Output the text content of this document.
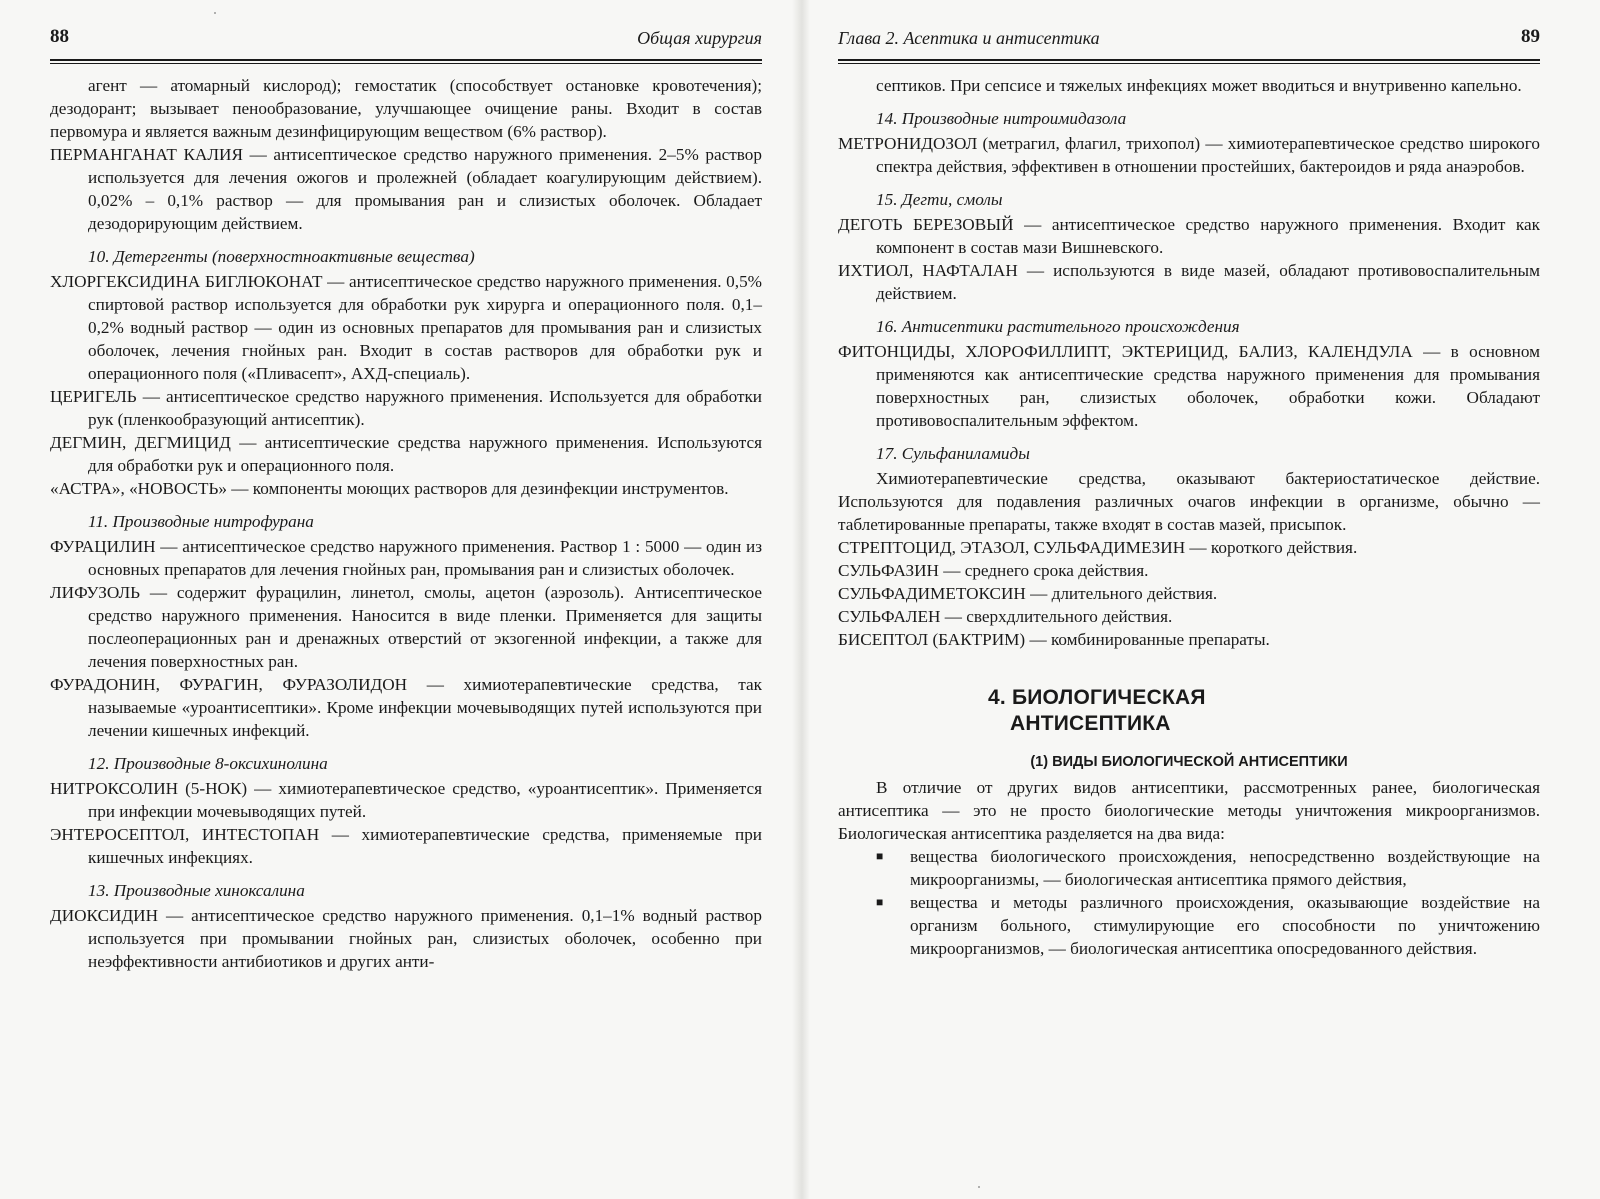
88	Общая хирургия

агент — атомарный кислород); гемостатик (способствует остановке кровотечения); дезодорант; вызывает пенообразование, улучшающее очищение раны. Входит в состав первомура и является важным дезинфицирующим веществом (6% раствор).

ПЕРМАНГАНАТ КАЛИЯ — антисептическое средство наружного применения. 2–5% раствор используется для лечения ожогов и пролежней (обладает коагулирующим действием). 0,02% – 0,1% раствор — для промывания ран и слизистых оболочек. Обладает дезодорирующим действием.

10. Детергенты (поверхностноактивные вещества)

ХЛОРГЕКСИДИНА БИГЛЮКОНАТ — антисептическое средство наружного применения. 0,5% спиртовой раствор используется для обработки рук хирурга и операционного поля. 0,1–0,2% водный раствор — один из основных препаратов для промывания ран и слизистых оболочек, лечения гнойных ран. Входит в состав растворов для обработки рук и операционного поля («Пливасепт», АХД-специаль).

ЦЕРИГЕЛЬ — антисептическое средство наружного применения. Используется для обработки рук (пленкообразующий антисептик).

ДЕГМИН, ДЕГМИЦИД — антисептические средства наружного применения. Используются для обработки рук и операционного поля.

«АСТРА», «НОВОСТЬ» — компоненты моющих растворов для дезинфекции инструментов.

11. Производные нитрофурана

ФУРАЦИЛИН — антисептическое средство наружного применения. Раствор 1 : 5000 — один из основных препаратов для лечения гнойных ран, промывания ран и слизистых оболочек.

ЛИФУЗОЛЬ — содержит фурацилин, линетол, смолы, ацетон (аэрозоль). Антисептическое средство наружного применения. Наносится в виде пленки. Применяется для защиты послеоперационных ран и дренажных отверстий от экзогенной инфекции, а также для лечения поверхностных ран.

ФУРАДОНИН, ФУРАГИН, ФУРАЗОЛИДОН — химиотерапевтические средства, так называемые «уроантисептики». Кроме инфекции мочевыводящих путей используются при лечении кишечных инфекций.

12. Производные 8-оксихинолина

НИТРОКСОЛИН (5-НОК) — химиотерапевтическое средство, «уроантисептик». Применяется при инфекции мочевыводящих путей.

ЭНТЕРОСЕПТОЛ, ИНТЕСТОПАН — химиотерапевтические средства, применяемые при кишечных инфекциях.

13. Производные хиноксалина

ДИОКСИДИН — антисептическое средство наружного применения. 0,1–1% водный раствор используется при промывании гнойных ран, слизистых оболочек, особенно при неэффективности антибиотиков и других анти-

Глава 2. Асептика и антисептика	89

септиков. При сепсисе и тяжелых инфекциях может вводиться и внутривенно капельно.

14. Производные нитроимидазола

МЕТРОНИДОЗОЛ (метрагил, флагил, трихопол) — химиотерапевтическое средство широкого спектра действия, эффективен в отношении простейших, бактероидов и ряда анаэробов.

15. Дегти, смолы

ДЕГОТЬ БЕРЕЗОВЫЙ — антисептическое средство наружного применения. Входит как компонент в состав мази Вишневского.

ИХТИОЛ, НАФТАЛАН — используются в виде мазей, обладают противовоспалительным действием.

16. Антисептики растительного происхождения

ФИТОНЦИДЫ, ХЛОРОФИЛЛИПТ, ЭКТЕРИЦИД, БАЛИЗ, КАЛЕНДУЛА — в основном применяются как антисептические средства наружного применения для промывания поверхностных ран, слизистых оболочек, обработки кожи. Обладают противовоспалительным эффектом.

17. Сульфаниламиды

Химиотерапевтические средства, оказывают бактериостатическое действие. Используются для подавления различных очагов инфекции в организме, обычно — таблетированные препараты, также входят в состав мазей, присыпок.

СТРЕПТОЦИД, ЭТАЗОЛ, СУЛЬФАДИМЕЗИН — короткого действия.

СУЛЬФАЗИН — среднего срока действия.

СУЛЬФАДИМЕТОКСИН — длительного действия.

СУЛЬФАЛЕН — сверхдлительного действия.

БИСЕПТОЛ (БАКТРИМ) — комбинированные препараты.

4. БИОЛОГИЧЕСКАЯ
АНТИСЕПТИКА

(1) ВИДЫ БИОЛОГИЧЕСКОЙ АНТИСЕПТИКИ

В отличие от других видов антисептики, рассмотренных ранее, биологическая антисептика — это не просто биологические методы уничтожения микроорганизмов. Биологическая антисептика разделяется на два вида:

■ вещества биологического происхождения, непосредственно воздействующие на микроорганизмы, — биологическая антисептика прямого действия,
■ вещества и методы различного происхождения, оказывающие воздействие на организм больного, стимулирующие его способности по уничтожению микроорганизмов, — биологическая антисептика опосредованного действия.
